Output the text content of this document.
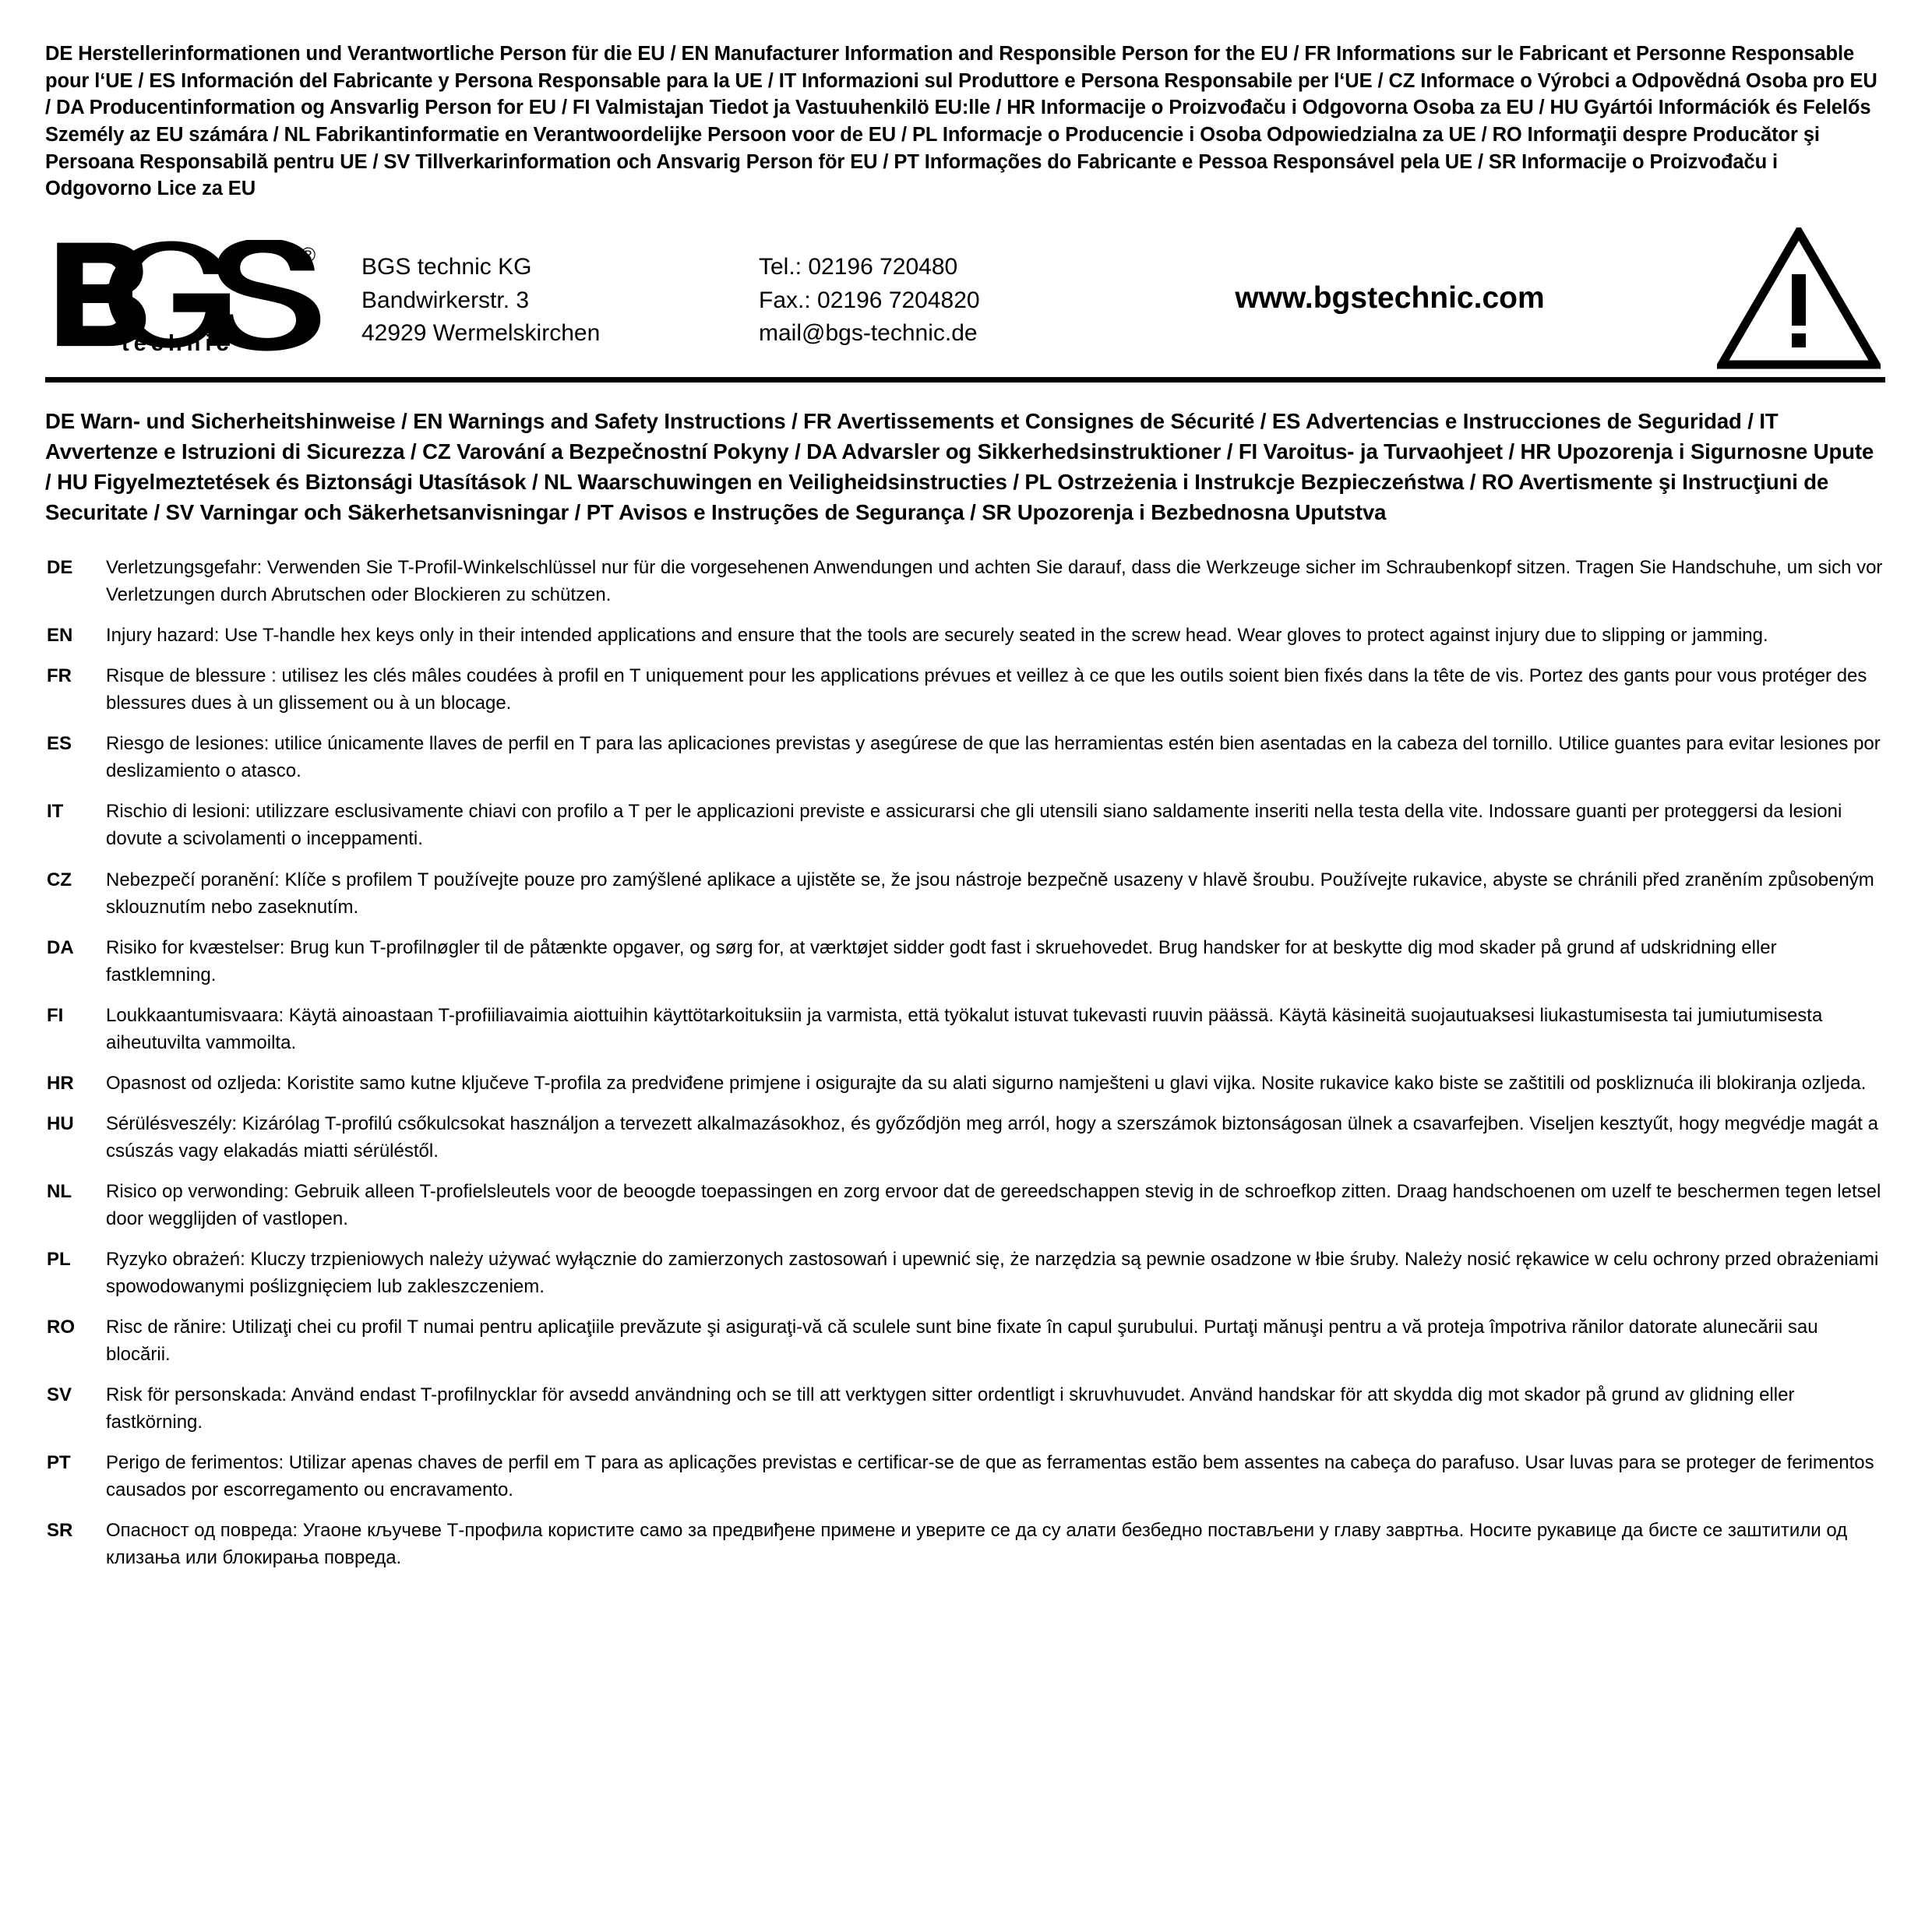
DE Herstellerinformationen und Verantwortliche Person für die EU / EN Manufacturer Information and Responsible Person for the EU / FR Informations sur le Fabricant et Personne Responsable pour l‘UE / ES Información del Fabricante y Persona Responsable para la UE / IT Informazioni sul Produttore e Persona Responsabile per l‘UE / CZ Informace o Výrobci a Odpovědná Osoba pro EU / DA Producentinformation og Ansvarlig Person for EU / FI Valmistajan Tiedot ja Vastuuhenkilö EU:lle / HR Informacije o Proizvođaču i Odgovorna Osoba za EU / HU Gyártói Információk és Felelős Személy az EU számára / NL Fabrikantinformatie en Verantwoordelijke Persoon voor de EU / PL Informacje o Producencie i Osoba Odpowiedzialna za UE / RO Informaţii despre Producător şi Persoana Responsabilă pentru UE / SV Tillverkarinformation och Ansvarig Person för EU / PT Informações do Fabricante e Pessoa Responsável pela UE / SR Informacije o Proizvođaču i Odgovorno Lice za EU
®
technic
BGS technic KG
Bandwirkerstr. 3
42929 Wermelskirchen
Tel.: 02196 720480
Fax.: 02196 7204820
mail@bgs-technic.de
www.bgstechnic.com
DE Warn- und Sicherheitshinweise / EN Warnings and Safety Instructions / FR Avertissements et Consignes de Sécurité / ES Advertencias e Instrucciones de Seguridad / IT Avvertenze e Istruzioni di Sicurezza / CZ Varování a Bezpečnostní Pokyny / DA Advarsler og Sikkerhedsinstruktioner / FI Varoitus- ja Turvaohjeet / HR Upozorenja i Sigurnosne Upute / HU Figyelmeztetések és Biztonsági Utasítások / NL Waarschuwingen en Veiligheidsinstructies / PL Ostrzeżenia i Instrukcje Bezpieczeństwa / RO Avertismente şi Instrucţiuni de Securitate / SV Varningar och Säkerhetsanvisningar / PT Avisos e Instruções de Segurança / SR Upozorenja i Bezbednosna Uputstva
DE	Verletzungsgefahr: Verwenden Sie T-Profil-Winkelschlüssel nur für die vorgesehenen Anwendungen und achten Sie darauf, dass die Werkzeuge sicher im Schraubenkopf sitzen. Tragen Sie Handschuhe, um sich vor Verletzungen durch Abrutschen oder Blockieren zu schützen.
EN	Injury hazard: Use T-handle hex keys only in their intended applications and ensure that the tools are securely seated in the screw head. Wear gloves to protect against injury due to slipping or jamming.
FR	Risque de blessure : utilisez les clés mâles coudées à profil en T uniquement pour les applications prévues et veillez à ce que les outils soient bien fixés dans la tête de vis. Portez des gants pour vous protéger des blessures dues à un glissement ou à un blocage.
ES	Riesgo de lesiones: utilice únicamente llaves de perfil en T para las aplicaciones previstas y asegúrese de que las herramientas estén bien asentadas en la cabeza del tornillo. Utilice guantes para evitar lesiones por deslizamiento o atasco.
IT	Rischio di lesioni: utilizzare esclusivamente chiavi con profilo a T per le applicazioni previste e assicurarsi che gli utensili siano saldamente inseriti nella testa della vite. Indossare guanti per proteggersi da lesioni dovute a scivolamenti o inceppamenti.
CZ	Nebezpečí poranění: Klíče s profilem T používejte pouze pro zamýšlené aplikace a ujistěte se, že jsou nástroje bezpečně usazeny v hlavě šroubu. Používejte rukavice, abyste se chránili před zraněním způsobeným sklouznutím nebo zaseknutím.
DA	Risiko for kvæstelser: Brug kun T-profilnøgler til de påtænkte opgaver, og sørg for, at værktøjet sidder godt fast i skruehovedet. Brug handsker for at beskytte dig mod skader på grund af udskridning eller fastklemning.
FI	Loukkaantumisvaara: Käytä ainoastaan T-profiiliavaimia aiottuihin käyttötarkoituksiin ja varmista, että työkalut istuvat tukevasti ruuvin päässä. Käytä käsineitä suojautuaksesi liukastumisesta tai jumiutumisesta aiheutuvilta vammoilta.
HR	Opasnost od ozljeda: Koristite samo kutne ključeve T-profila za predviđene primjene i osigurajte da su alati sigurno namješteni u glavi vijka. Nosite rukavice kako biste se zaštitili od poskliznuća ili blokiranja ozljeda.
HU	Sérülésveszély: Kizárólag T-profilú csőkulcsokat használjon a tervezett alkalmazásokhoz, és győződjön meg arról, hogy a szerszámok biztonságosan ülnek a csavarfejben. Viseljen kesztyűt, hogy megvédje magát a csúszás vagy elakadás miatti sérüléstől.
NL	Risico op verwonding: Gebruik alleen T-profielsleutels voor de beoogde toepassingen en zorg ervoor dat de gereedschappen stevig in de schroefkop zitten. Draag handschoenen om uzelf te beschermen tegen letsel door wegglijden of vastlopen.
PL	Ryzyko obrażeń: Kluczy trzpieniowych należy używać wyłącznie do zamierzonych zastosowań i upewnić się, że narzędzia są pewnie osadzone w łbie śruby. Należy nosić rękawice w celu ochrony przed obrażeniami spowodowanymi poślizgnięciem lub zakleszczeniem.
RO	Risc de rănire: Utilizaţi chei cu profil T numai pentru aplicaţiile prevăzute şi asiguraţi-vă că sculele sunt bine fixate în capul şurubului. Purtaţi mănuşi pentru a vă proteja împotriva rănilor datorate alunecării sau blocării.
SV	Risk för personskada: Använd endast T-profilnycklar för avsedd användning och se till att verktygen sitter ordentligt i skruvhuvudet. Använd handskar för att skydda dig mot skador på grund av glidning eller fastkörning.
PT	Perigo de ferimentos: Utilizar apenas chaves de perfil em T para as aplicações previstas e certificar-se de que as ferramentas estão bem assentes na cabeça do parafuso. Usar luvas para se proteger de ferimentos causados por escorregamento ou encravamento.
SR	Опасност од повреда: Угаоне кључеве Т-профила користите само за предвиђене примене и уверите се да су алати безбедно постављени у главу завртња. Носите рукавице да бисте се заштитили од клизања или блокирања повреда.
